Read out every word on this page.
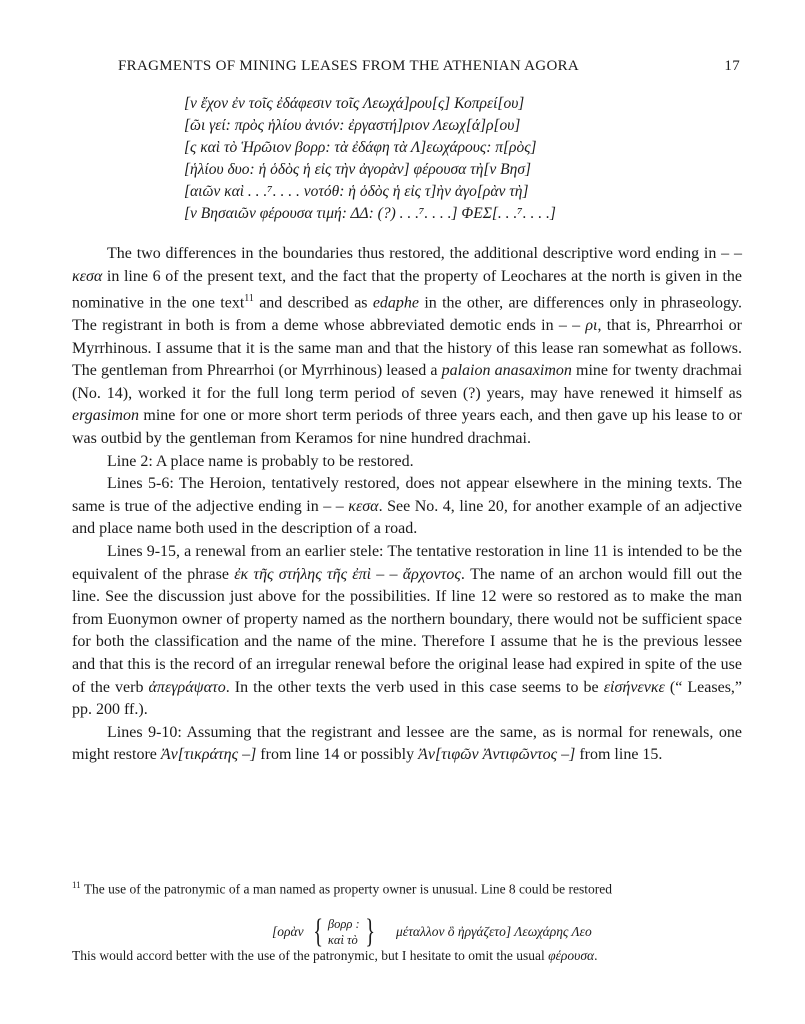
FRAGMENTS OF MINING LEASES FROM THE ATHENIAN AGORA	17
[ν ἔχον ἐν τοῖς ἐδάφεσιν τοῖς Λεωχά]ρου[ς] Κοπρεί[ου]
[ῶι γεί: πρὸς ἡλίου ἀνιόν: ἐργαστή]ριον Λεωχ[ά]ρ[ου]
[ς καὶ τὸ Ἡρῶιον βορρ: τὰ ἐδάφη τὰ Λ]εωχάρους: π[ρὸς]
[ἡλίου δυο: ἡ ὁδὸς ἡ εἰς τὴν ἀγορὰν] φέρουσα τὴ[ν Βησ]
[αιῶν καὶ . . .⁷. . . . νοτόθ: ἡ ὁδὸς ἡ εἰς τ]ὴν ἀγο[ρὰν τὴ]
[ν Βησαιῶν φέρουσα τιμή: ΔΔ: (?) . . .⁷. . . .] ΦΕΣ[. . .⁷. . . .]

The two differences in the boundaries thus restored, the additional descriptive word ending in – – κεσα in line 6 of the present text, and the fact that the property of Leochares at the north is given in the nominative in the one text$^{11}$ and described as edaphe in the other, are differences only in phraseology. The registrant in both is from a deme whose abbreviated demotic ends in – – ρι, that is, Phrearrhoi or Myrrhinous. I assume that it is the same man and that the history of this lease ran somewhat as follows. The gentleman from Phrearrhoi (or Myrrhinous) leased a palaion anasaximon mine for twenty drachmai (No. 14), worked it for the full long term period of seven (?) years, may have renewed it himself as ergasimon mine for one or more short term periods of three years each, and then gave up his lease to or was outbid by the gentleman from Keramos for nine hundred drachmai.

Line 2: A place name is probably to be restored.

Lines 5-6: The Heroion, tentatively restored, does not appear elsewhere in the mining texts. The same is true of the adjective ending in – – κεσα. See No. 4, line 20, for another example of an adjective and place name both used in the description of a road.

Lines 9-15, a renewal from an earlier stele: The tentative restoration in line 11 is intended to be the equivalent of the phrase ἐκ τῆς στήλης τῆς ἐπὶ – – ἄρχοντος. The name of an archon would fill out the line. See the discussion just above for the possibilities. If line 12 were so restored as to make the man from Euonymon owner of property named as the northern boundary, there would not be sufficient space for both the classification and the name of the mine. Therefore I assume that he is the previous lessee and that this is the record of an irregular renewal before the original lease had expired in spite of the use of the verb ἀπεγράψατο. In the other texts the verb used in this case seems to be εἰσήνενκε (“ Leases,” pp. 200 ff.).

Lines 9-10: Assuming that the registrant and lessee are the same, as is normal for renewals, one might restore Ἀν[τικράτης –] from line 14 or possibly Ἀν[τιφῶν Ἀντιφῶντος –] from line 15.

$^{11}$ The use of the patronymic of a man named as property owner is unusual. Line 8 could be restored

[ορὰν { βορρ :
καὶ τὸ } μέταλλον ὃ ἠργάζετο] Λεωχάρης Λεο
This would accord better with the use of the patronymic, but I hesitate to omit the usual φέρουσα.
